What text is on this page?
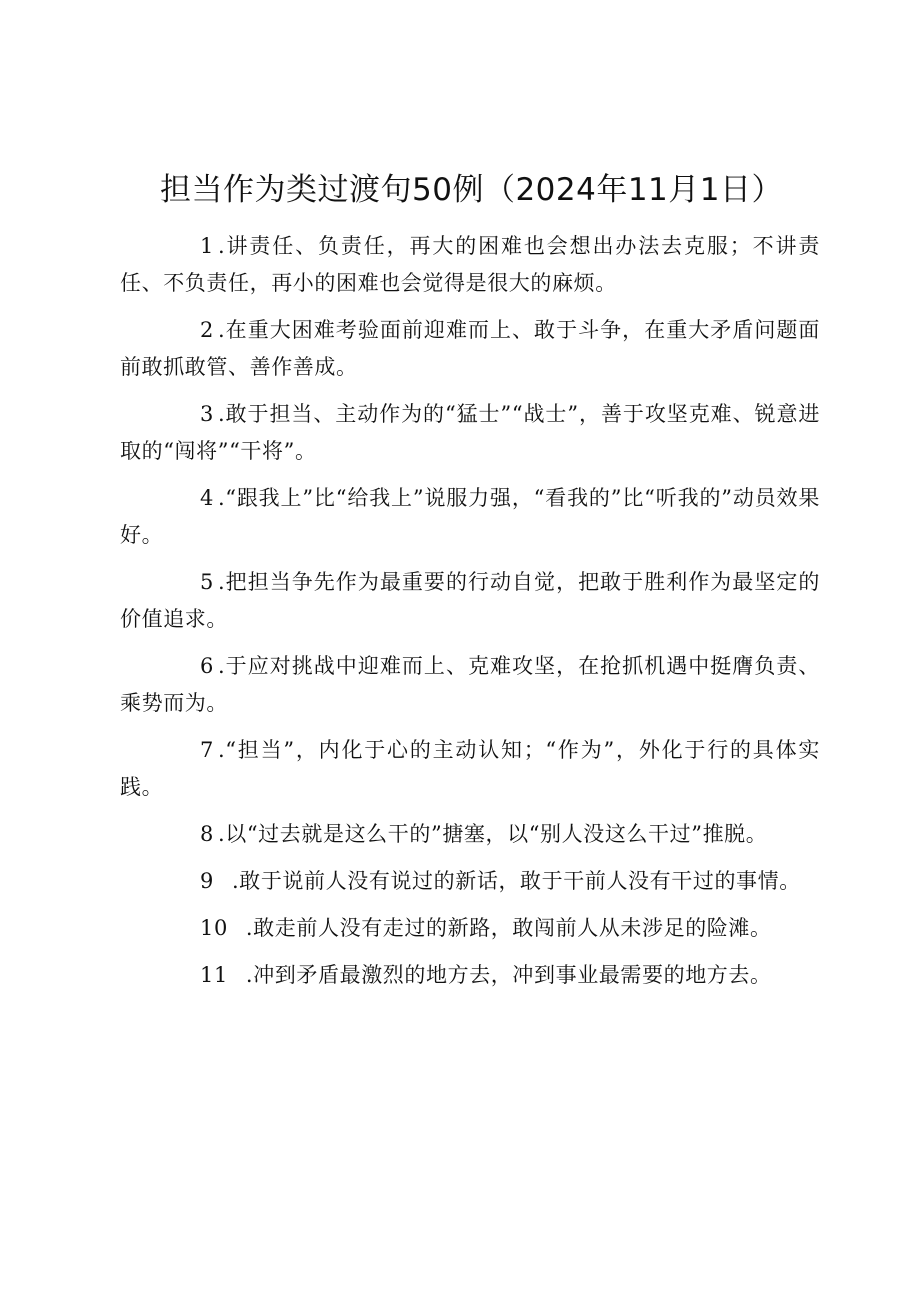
担当作为类过渡句50例（2024年11月1日）

1 .讲责任、负责任，再大的困难也会想出办法去克服；不讲责任、不负责任，再小的困难也会觉得是很大的麻烦。

2 .在重大困难考验面前迎难而上、敢于斗争，在重大矛盾问题面前敢抓敢管、善作善成。

3 .敢于担当、主动作为的“猛士”“战士”，善于攻坚克难、锐意进取的“闯将”“干将”。

4 .“跟我上”比“给我上”说服力强，“看我的”比“听我的”动员效果好。

5 .把担当争先作为最重要的行动自觉，把敢于胜利作为最坚定的价值追求。

6 .于应对挑战中迎难而上、克难攻坚，在抢抓机遇中挺膺负责、乘势而为。

7 .“担当”，内化于心的主动认知；“作为”，外化于行的具体实践。

8 .以“过去就是这么干的”搪塞，以“别人没这么干过”推脱。

9 .敢于说前人没有说过的新话，敢于干前人没有干过的事情。

10 .敢走前人没有走过的新路，敢闯前人从未涉足的险滩。

11 .冲到矛盾最激烈的地方去，冲到事业最需要的地方去。
